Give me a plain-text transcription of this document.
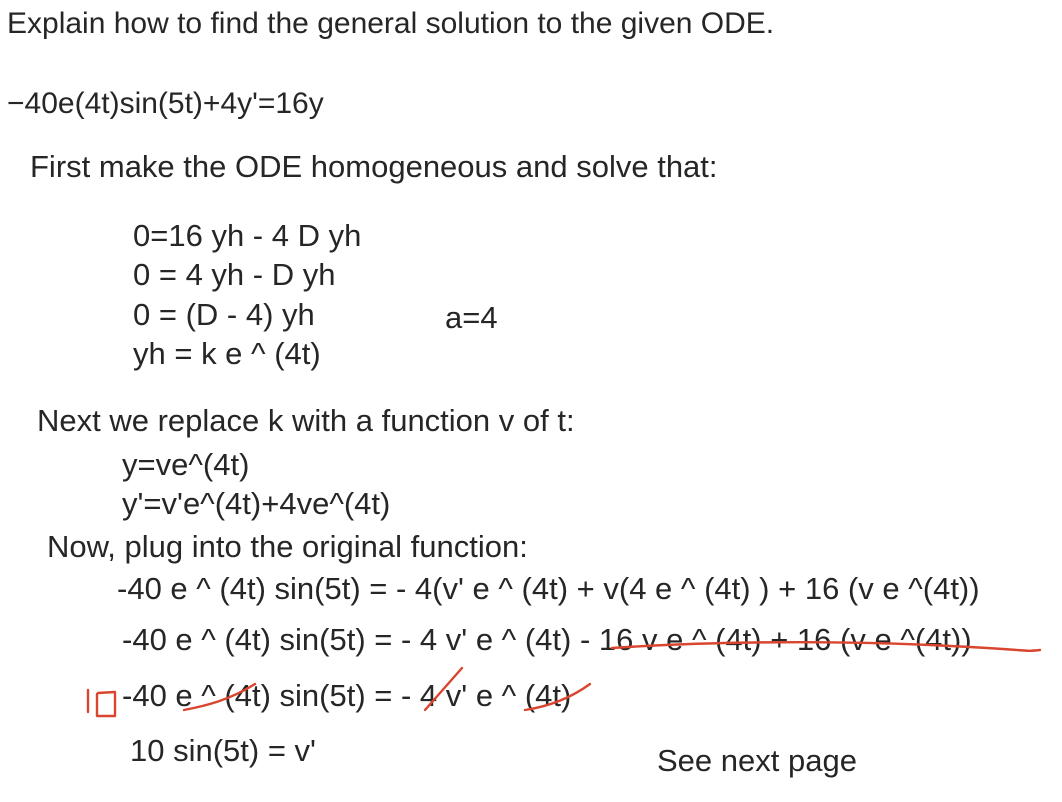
Explain how to find the general solution to the given ODE.
−40e(4t)sin(5t)+4y'=16y
First make the ODE homogeneous and solve that:
0=16 yh - 4 D yh
0 = 4 yh - D yh
0 = (D - 4) yh
yh = k e ^ (4t)
a=4
Next we replace k with a function v of t:
y=ve^(4t)
y'=v'e^(4t)+4ve^(4t)
Now, plug into the original function:
-40 e ^ (4t) sin(5t) = - 4(v' e ^ (4t) + v(4 e ^ (4t) ) + 16 (v e ^(4t))
-40 e ^ (4t) sin(5t) = - 4 v' e ^ (4t) - 16 v e ^ (4t) + 16 (v e ^(4t))
-40 e ^ (4t) sin(5t) = - 4 v' e ^ (4t)
10 sin(5t) = v'	See next page
